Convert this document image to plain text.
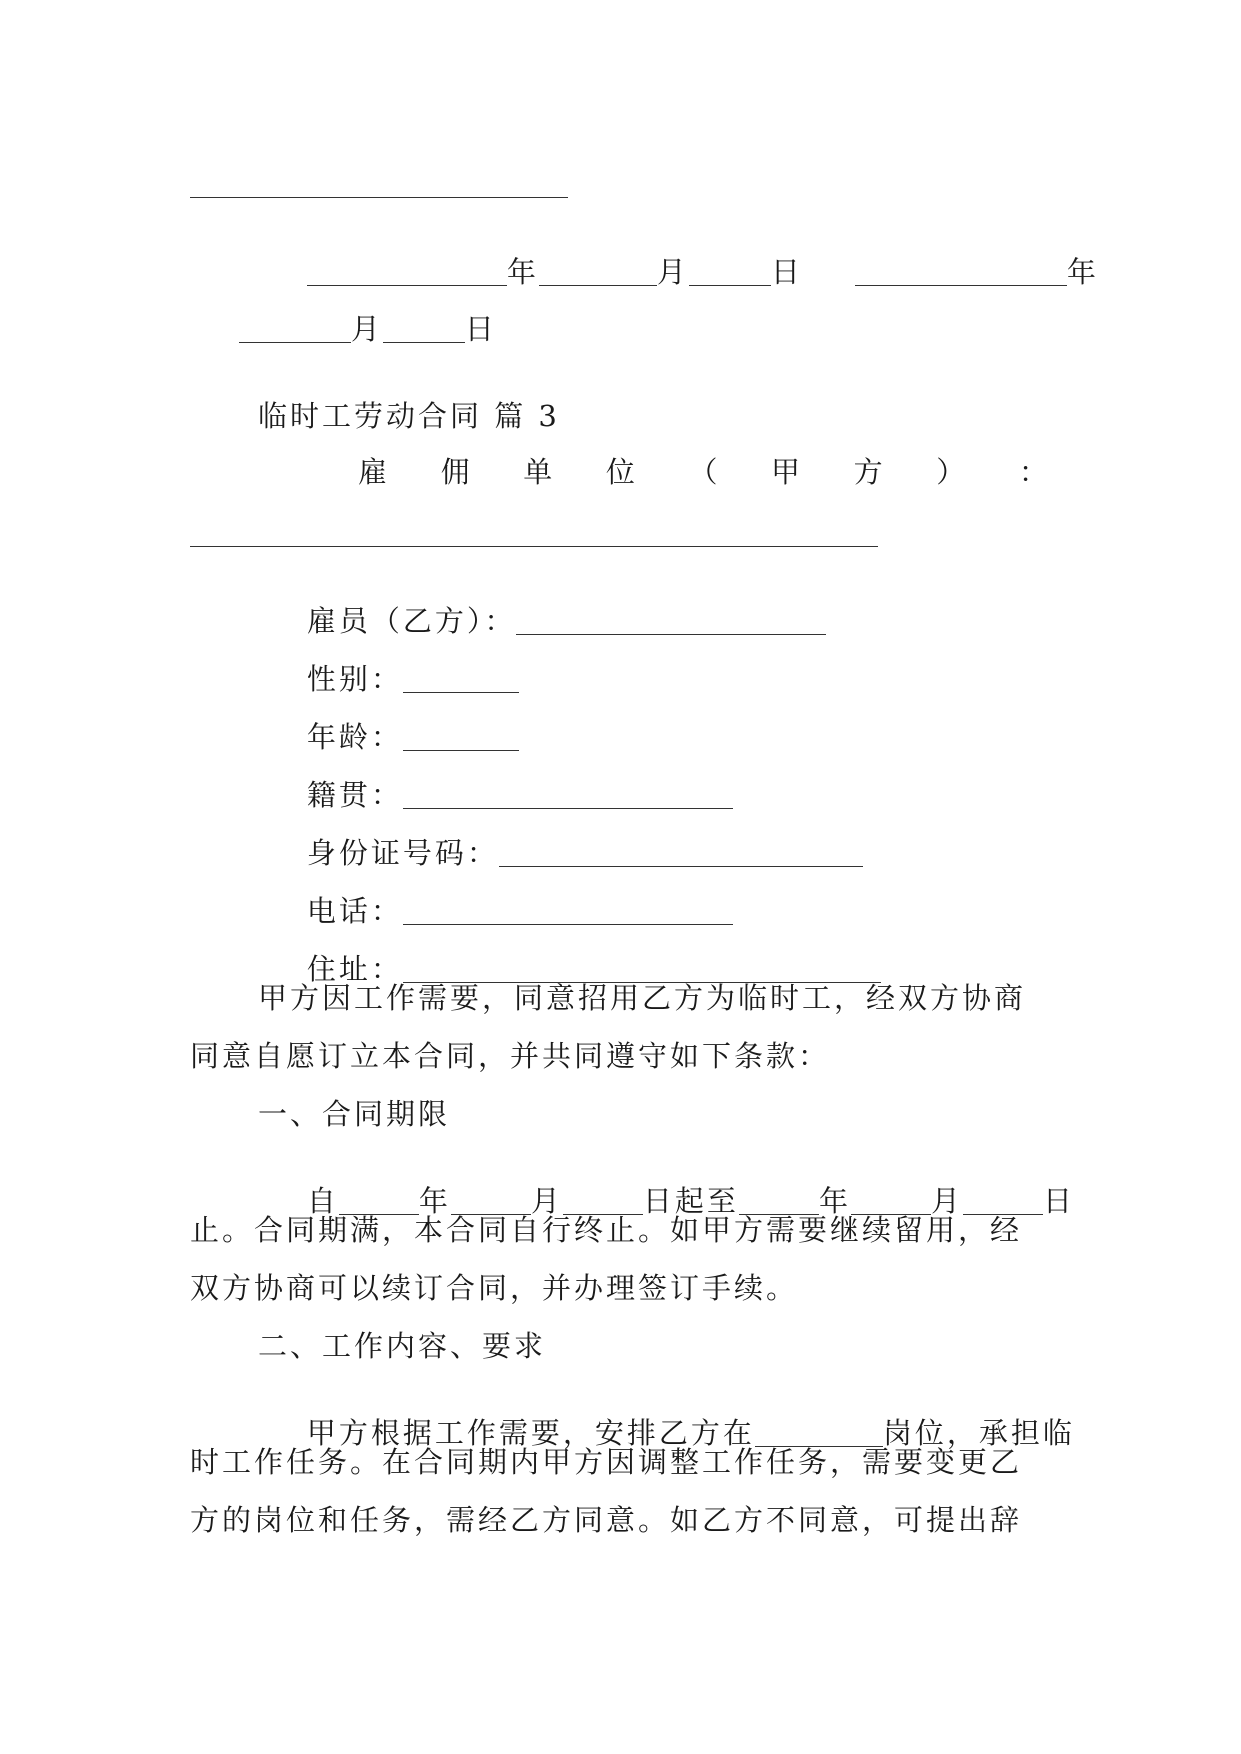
年	月	日
	年

月	日

临时工劳动合同 篇 3
雇 佣 单 位 （ 甲 方 ） ：

雇员（乙方）：

性别：

年龄：

籍贯：

身份证号码：

电话：

住址：

甲方因工作需要，同意招用乙方为临时工，经双方协商
同意自愿订立本合同，并共同遵守如下条款：
一、合同期限

自	年	月	日起至	年	月	日

止。合同期满，本合同自行终止。如甲方需要继续留用，经
双方协商可以续订合同，并办理签订手续。
二、工作内容、要求

甲方根据工作需要，安排乙方在	岗位，承担临

时工作任务。在合同期内甲方因调整工作任务，需要变更乙
方的岗位和任务，需经乙方同意。如乙方不同意，可提出辞
